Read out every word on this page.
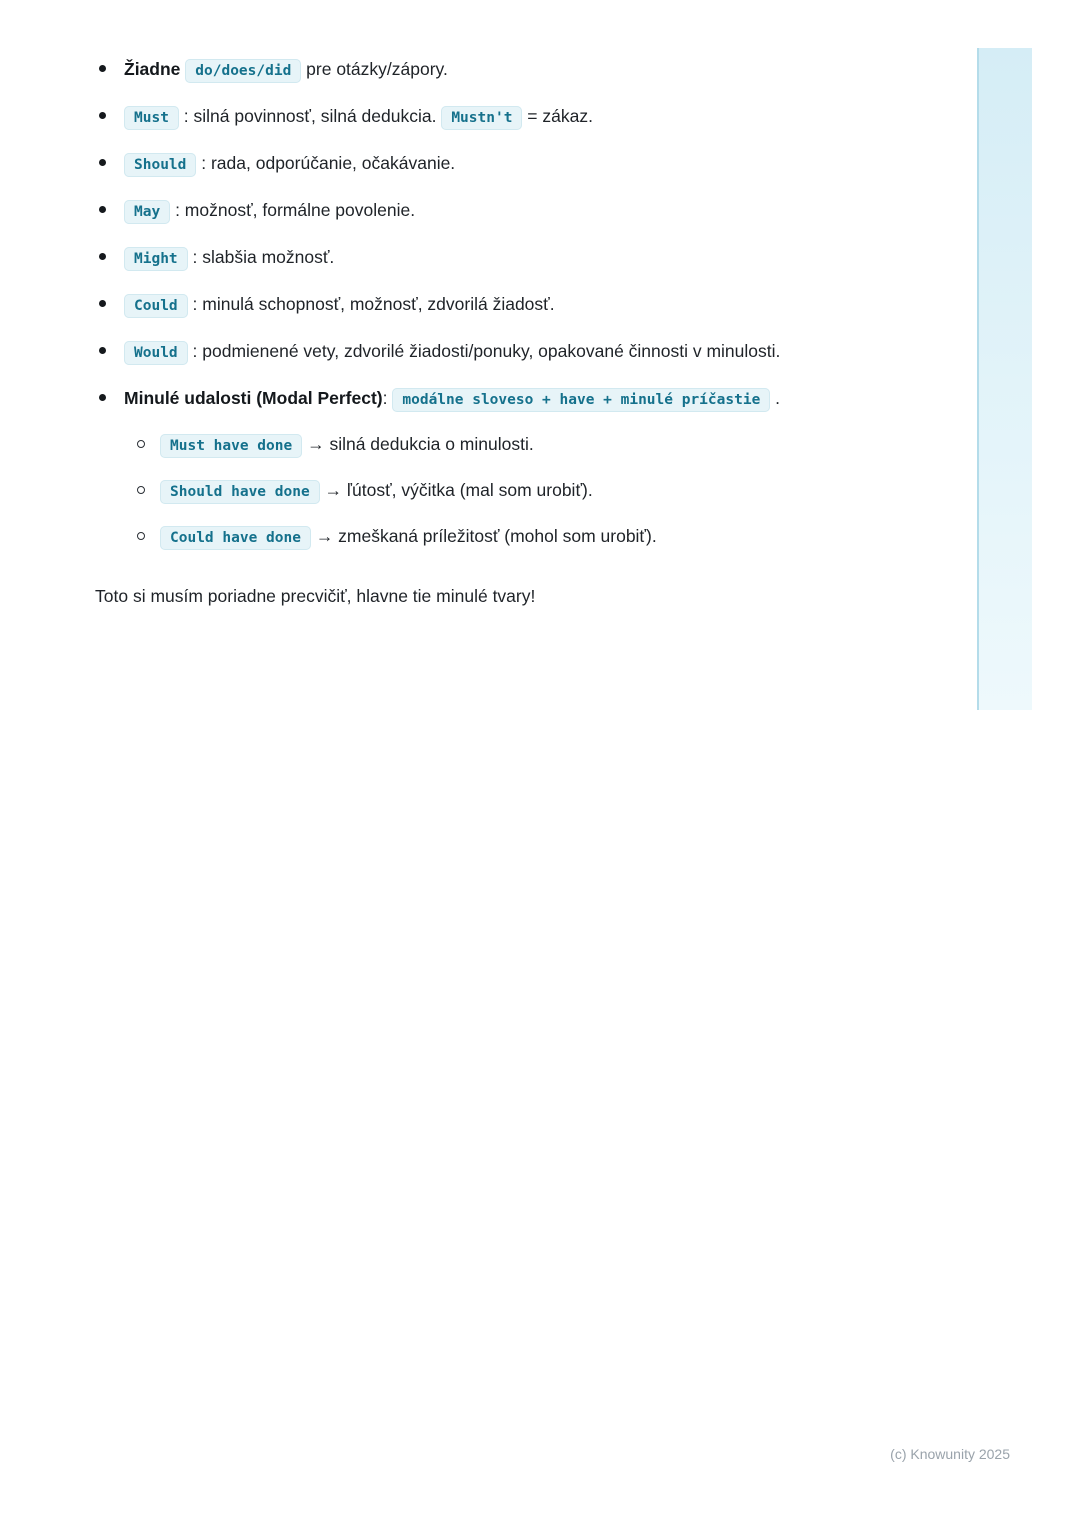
Žiadne do/does/did pre otázky/zápory.
Must : silná povinnosť, silná dedukcia. Mustn't = zákaz.
Should : rada, odporúčanie, očakávanie.
May : možnosť, formálne povolenie.
Might : slabšia možnosť.
Could : minulá schopnosť, možnosť, zdvorilá žiadosť.
Would : podmienené vety, zdvorilé žiadosti/ponuky, opakované činnosti v minulosti.
Minulé udalosti (Modal Perfect): modálne sloveso + have + minulé príčastie .
Must have done → silná dedukcia o minulosti.
Should have done → ľútosť, výčitka (mal som urobiť).
Could have done → zmeškaná príležitosť (mohol som urobiť).

Toto si musím poriadne precvičiť, hlavne tie minulé tvary!

(c) Knowunity 2025
